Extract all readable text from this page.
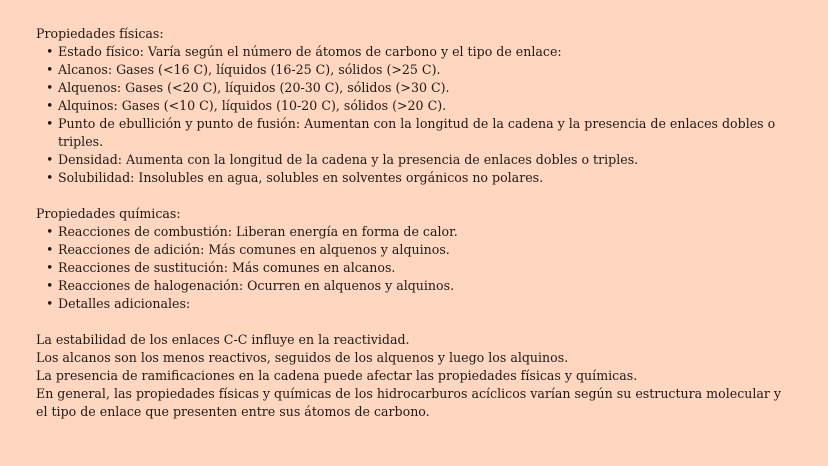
Propiedades físicas:
• Estado físico: Varía según el número de átomos de carbono y el tipo de enlace:
• Alcanos: Gases (<16 C), líquidos (16-25 C), sólidos (>25 C).
• Alquenos: Gases (<20 C), líquidos (20-30 C), sólidos (>30 C).
• Alquinos: Gases (<10 C), líquidos (10-20 C), sólidos (>20 C).
• Punto de ebullición y punto de fusión: Aumentan con la longitud de la cadena y la presencia de enlaces dobles o triples.
• Densidad: Aumenta con la longitud de la cadena y la presencia de enlaces dobles o triples.
• Solubilidad: Insolubles en agua, solubles en solventes orgánicos no polares.
Propiedades químicas:
• Reacciones de combustión: Liberan energía en forma de calor.
• Reacciones de adición: Más comunes en alquenos y alquinos.
• Reacciones de sustitución: Más comunes en alcanos.
• Reacciones de halogenación: Ocurren en alquenos y alquinos.
• Detalles adicionales:

La estabilidad de los enlaces C-C influye en la reactividad.

Los alcanos son los menos reactivos, seguidos de los alquenos y luego los alquinos.

La presencia de ramificaciones en la cadena puede afectar las propiedades físicas y químicas.

En general, las propiedades físicas y químicas de los hidrocarburos acíclicos varían según su estructura molecular y el tipo de enlace que presenten entre sus átomos de carbono.
